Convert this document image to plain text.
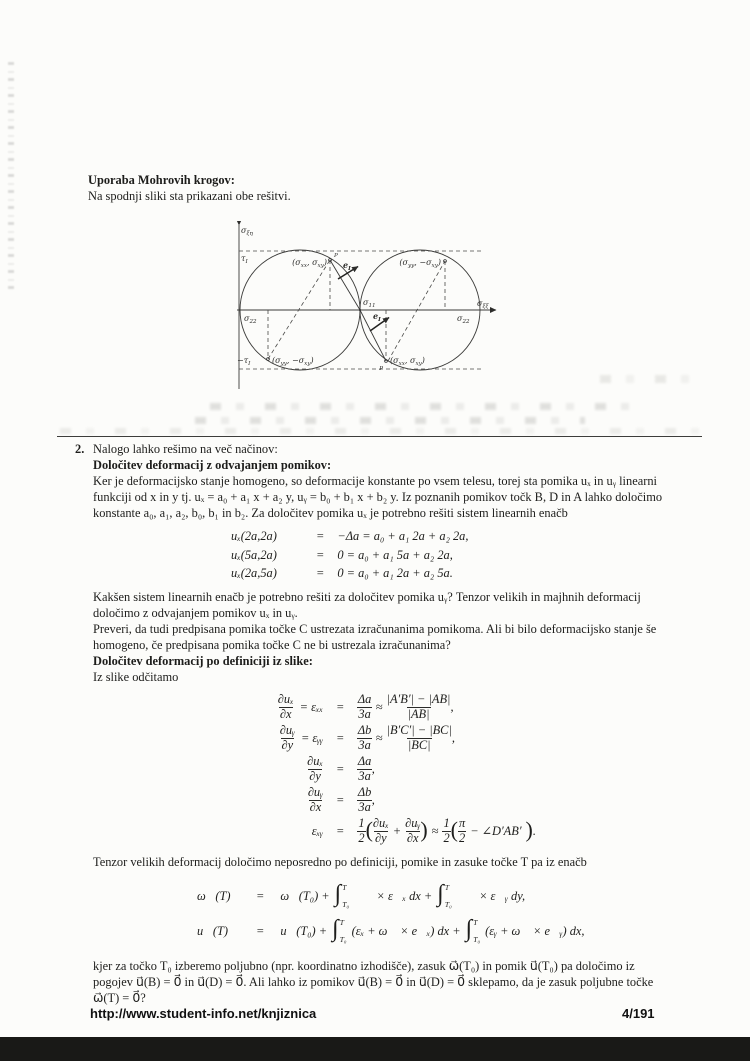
Uporaba Mohrovih krogov:
Na spodnji sliki sta prikazani obe rešitvi.
$\sigma_{\xi\eta}$
$\tau_I$	($\sigma_{xx}$, $\sigma_{xy}$)
P
$e_I$
($\sigma_{yy}$, $-\sigma_{xy}$)
$\sigma_{11}$	$\sigma_{\xi\xi}$
$\sigma_{22}$	$\sigma_{22}$
$e_I$
$-\tau_I$	($\sigma_{yy}$, $-\sigma_{xy}$)	($\sigma_{xx}$, $\sigma_{xy}$)
P
2. Nalogo lahko rešimo na več načinov:
Določitev deformacij z odvajanjem pomikov:
Ker je deformacijsko stanje homogeno, so deformacije konstante po vsem telesu, torej sta pomika uₓ in uᵧ linearni
funkciji od x in y tj. uₓ = a₀ + a₁ x + a₂ y, uᵧ = b₀ + b₁ x + b₂ y. Iz poznanih pomikov točk B, D in A lahko določimo
konstante a₀, a₁, a₂, b₀, b₁ in b₂. Za določitev pomika uₓ je potrebno rešiti sistem linearnih enačb
uₓ(2a,2a)	=	−Δa = a₀ + a₁ 2a + a₂ 2a,
uₓ(5a,2a)	=	0 = a₀ + a₁ 5a + a₂ 2a,
uₓ(2a,5a)	=	0 = a₀ + a₁ 2a + a₂ 5a.
Kakšen sistem linearnih enačb je potrebno rešiti za določitev pomika uᵧ? Tenzor velikih in majhnih deformacij
določimo z odvajanjem pomikov uₓ in uᵧ.
Preveri, da tudi predpisana pomika točke C ustrezata izračunanima pomikoma. Ali bi bilo deformacijsko stanje še
homogeno, če predpisana pomika točke C ne bi ustrezala izračunanima?
Določitev deformacij po definiciji iz slike:
Iz slike odčitamo
$\frac{\text{∂uₓ}}{\partial x} = \varepsilon_{xx}$	=	$\frac{\Delta a}{3a} \approx \frac{|A'B'| - |AB|}{|AB|}$ ,
$\frac{\text{∂uᵧ}}{\partial y}$ = εᵧᵧ	=	$\frac{\Delta b}{3a} \approx \frac{|B'C'| - |BC|}{|BC|}$ ,
$\frac{\text{∂uₓ}}{\partial y}$	=	$\frac{\Delta a}{3a}$ ,
$\frac{\text{∂uᵧ}}{\partial x}$	=	$\frac{\Delta b}{3a}$ ,
εₓᵧ	=	$\frac{1}{2}$ ( $\frac{\text{∂uₓ}}{\partial y} + \frac{\text{∂uᵧ}}{\partial x}$ ) ≈ $\frac{1}{2}$ ( $\frac{\pi}{2}$ − ∠D′AB′ ) .
Tenzor velikih deformacij določimo neposredno po definiciji, pomike in zasuke točke T pa iz enačb
ω⃗(T)	=	ω⃗(T₀) + ∫ T
T₀
∇⃗ × ε⃗ₓ dx + ∫ T
T₀
∇⃗ × ε⃗ᵧ dy,
u⃗(T)	=	u⃗(T₀) + ∫ T
T₀
(εₓ + ω⃗ × e⃗ₓ) dx + ∫ T
T₀
(εᵧ + ω⃗ × e⃗ᵧ) dx,
kjer za točko T₀ izberemo poljubno (npr. koordinatno izhodišče), zasuk ω⃗(T₀) in pomik u⃗(T₀) pa določimo iz
pogojev u⃗(B) = 0⃗ in u⃗(D) = 0⃗. Ali lahko iz pomikov u⃗(B) = 0⃗ in u⃗(D) = 0⃗ sklepamo, da je zasuk poljubne točke
ω⃗(T) = 0⃗?
http://www.student-info.net/knjiznica	4/191
